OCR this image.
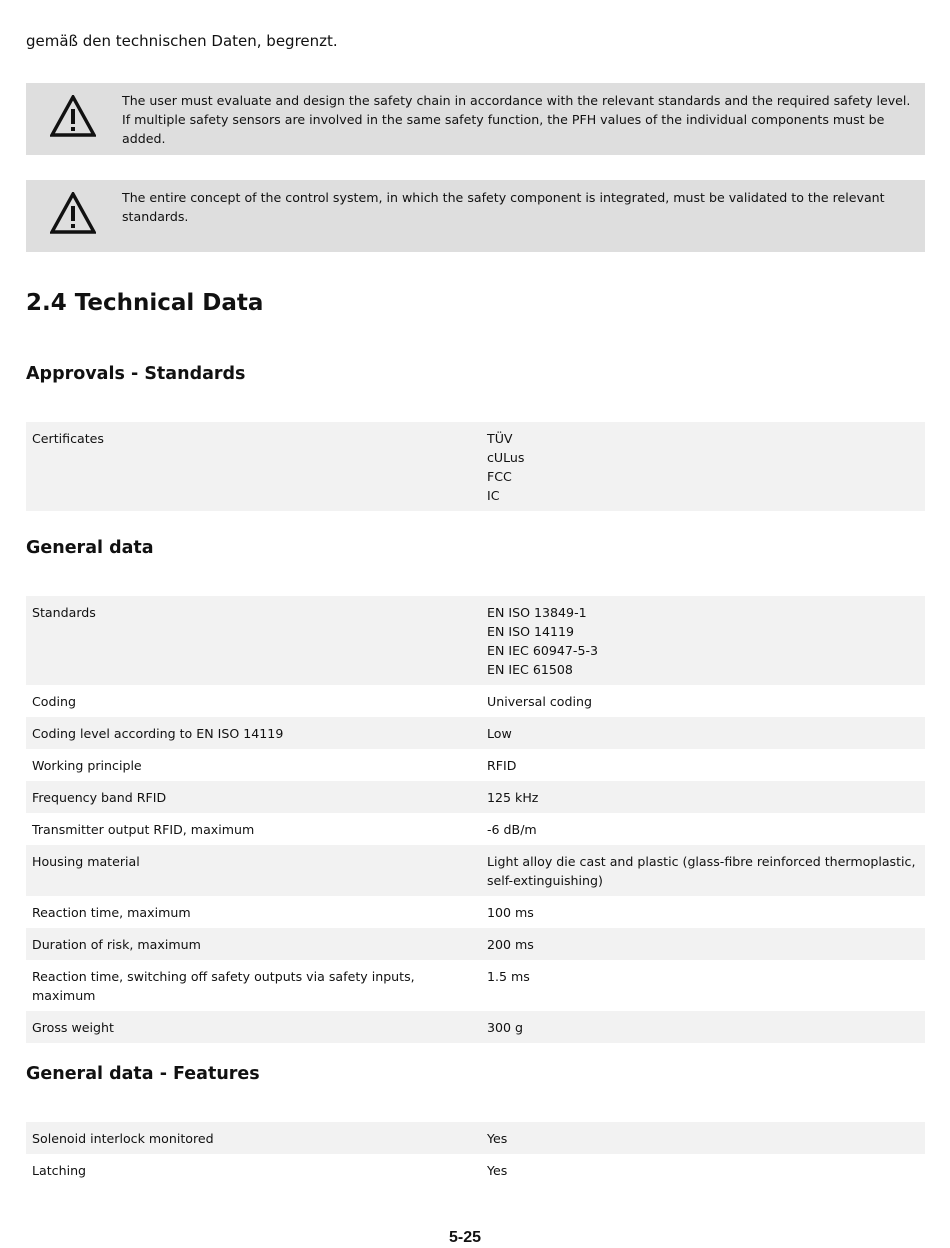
gemäß den technischen Daten, begrenzt.
The user must evaluate and design the safety chain in accordance with the relevant standards and the required safety level. If multiple safety sensors are involved in the same safety function, the PFH values of the individual components must be added.
The entire concept of the control system, in which the safety component is integrated, must be validated to the relevant standards.
2.4 Technical Data
Approvals - Standards
Certificates	TÜV
cULus
FCC
IC
General data
Standards	EN ISO 13849-1
EN ISO 14119
EN IEC 60947-5-3
EN IEC 61508

Coding	Universal coding

Coding level according to EN ISO 14119	Low

Working principle	RFID

Frequency band RFID	125 kHz

Transmitter output RFID, maximum	-6 dB/m

Housing material	Light alloy die cast and plastic (glass-fibre reinforced thermoplastic, self-extinguishing)

Reaction time, maximum	100 ms

Duration of risk, maximum	200 ms

Reaction time, switching off safety outputs via safety inputs, maximum	1.5 ms

Gross weight	300 g
General data - Features
Solenoid interlock monitored	Yes

Latching	Yes
5-25
